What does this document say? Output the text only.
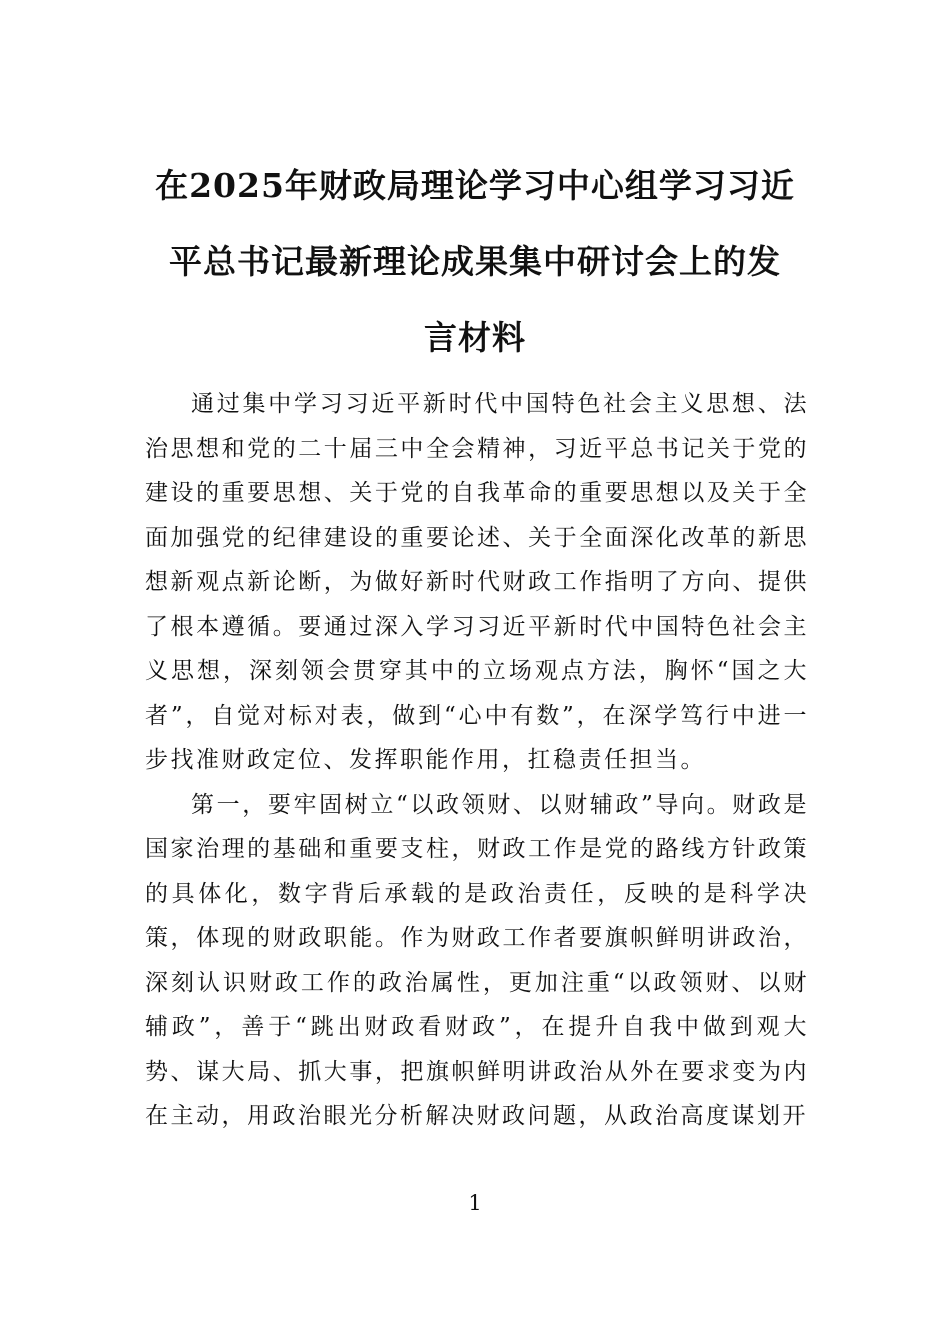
在2025年财政局理论学习中心组学习习近
平总书记最新理论成果集中研讨会上的发
言材料

通过集中学习习近平新时代中国特色社会主义思想、法治思想和党的二十届三中全会精神，习近平总书记关于党的建设的重要思想、关于党的自我革命的重要思想以及关于全面加强党的纪律建设的重要论述、关于全面深化改革的新思想新观点新论断，为做好新时代财政工作指明了方向、提供了根本遵循。要通过深入学习习近平新时代中国特色社会主义思想，深刻领会贯穿其中的立场观点方法，胸怀“国之大者”，自觉对标对表，做到“心中有数”，在深学笃行中进一步找准财政定位、发挥职能作用，扛稳责任担当。

第一，要牢固树立“以政领财、以财辅政”导向。财政是国家治理的基础和重要支柱，财政工作是党的路线方针政策的具体化，数字背后承载的是政治责任，反映的是科学决策，体现的财政职能。作为财政工作者要旗帜鲜明讲政治，深刻认识财政工作的政治属性，更加注重“以政领财、以财辅政”，善于“跳出财政看财政”，在提升自我中做到观大势、谋大局、抓大事，把旗帜鲜明讲政治从外在要求变为内在主动，用政治眼光分析解决财政问题，从政治高度谋划开

1
